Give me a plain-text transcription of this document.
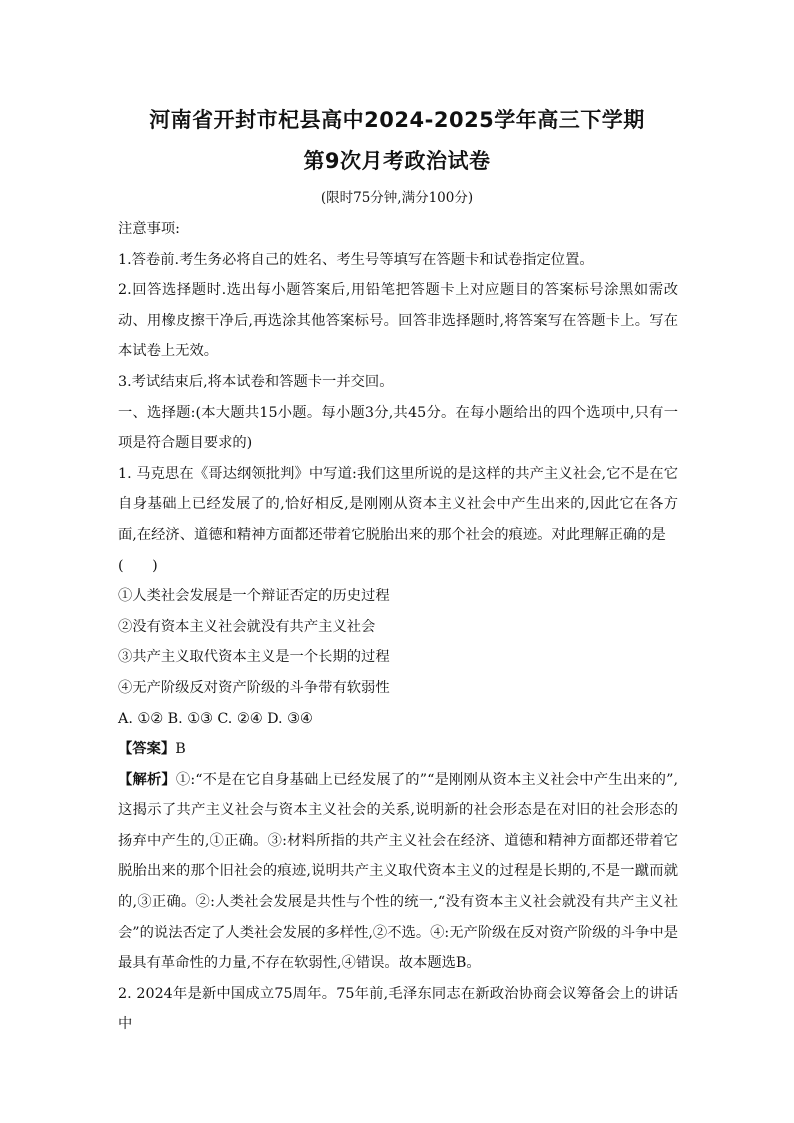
河南省开封市杞县高中2024-2025学年高三下学期
第9次月考政治试卷

(限时75分钟,满分100分)

注意事项:

1.答卷前.考生务必将自己的姓名、考生号等填写在答题卡和试卷指定位置。

2.回答选择题时.选出每小题答案后,用铅笔把答题卡上对应题目的答案标号涂黑如需改动、用橡皮擦干净后,再选涂其他答案标号。回答非选择题时,将答案写在答题卡上。写在本试卷上无效。

3.考试结束后,将本试卷和答题卡一并交回。

一、选择题:(本大题共15小题。每小题3分,共45分。在每小题给出的四个选项中,只有一项是符合题目要求的)

1. 马克思在《哥达纲领批判》中写道:我们这里所说的是这样的共产主义社会,它不是在它自身基础上已经发展了的,恰好相反,是刚刚从资本主义社会中产生出来的,因此它在各方面,在经济、道德和精神方面都还带着它脱胎出来的那个社会的痕迹。对此理解正确的是

(　　)

①人类社会发展是一个辩证否定的历史过程

②没有资本主义社会就没有共产主义社会

③共产主义取代资本主义是一个长期的过程

④无产阶级反对资产阶级的斗争带有软弱性

A. ①② B. ①③ C. ②④ D. ③④

【答案】B

【解析】①:“不是在它自身基础上已经发展了的”“是刚刚从资本主义社会中产生出来的”,这揭示了共产主义社会与资本主义社会的关系,说明新的社会形态是在对旧的社会形态的扬弃中产生的,①正确。③:材料所指的共产主义社会在经济、道德和精神方面都还带着它脱胎出来的那个旧社会的痕迹,说明共产主义取代资本主义的过程是长期的,不是一蹴而就的,③正确。②:人类社会发展是共性与个性的统一,“没有资本主义社会就没有共产主义社会”的说法否定了人类社会发展的多样性,②不选。④:无产阶级在反对资产阶级的斗争中是最具有革命性的力量,不存在软弱性,④错误。故本题选B。

2. 2024年是新中国成立75周年。75年前,毛泽东同志在新政治协商会议筹备会上的讲话中
